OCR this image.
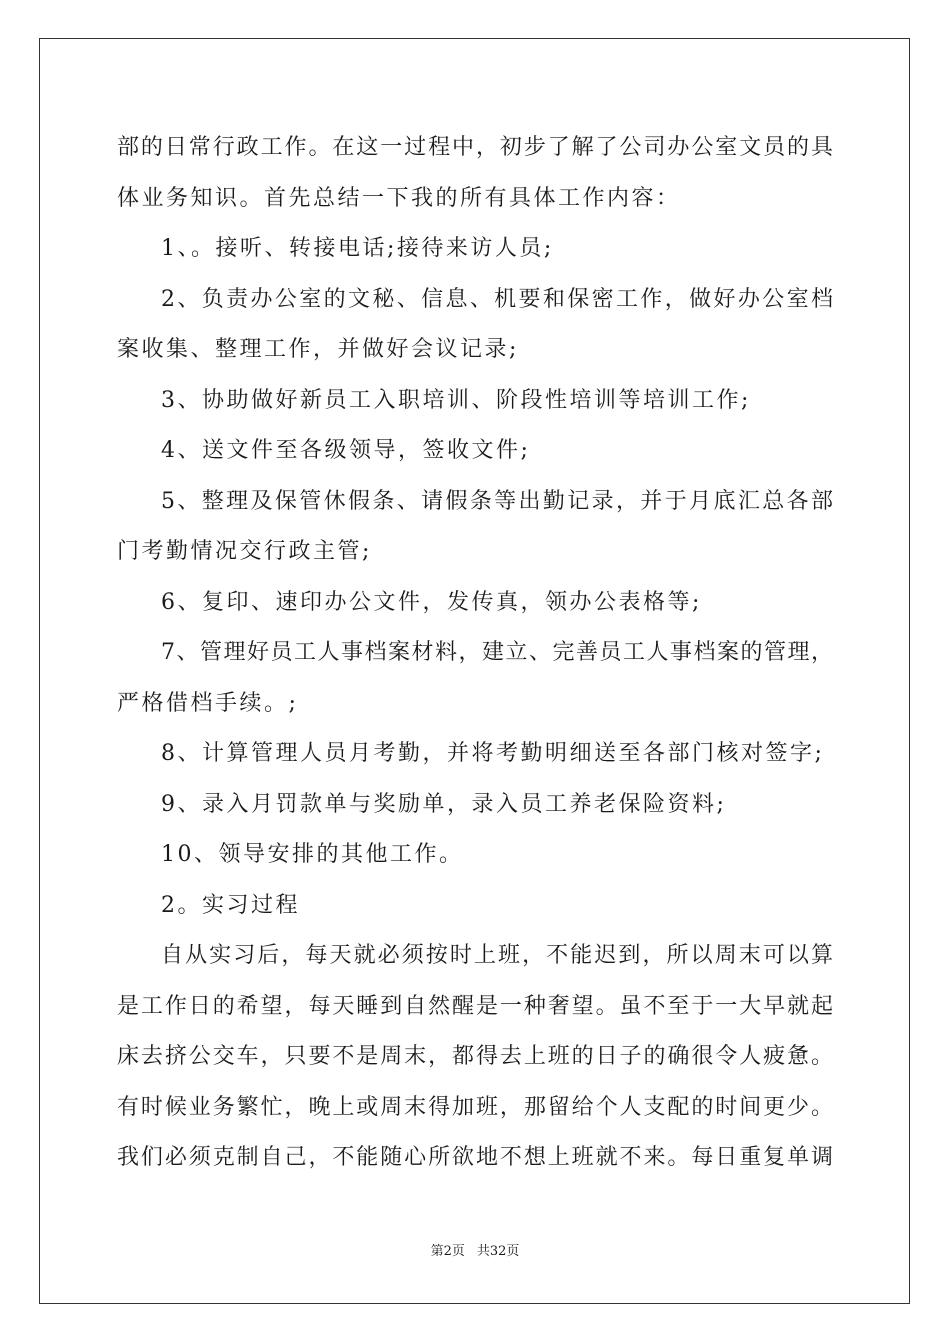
部的日常行政工作。在这一过程中，初步了解了公司办公室文员的具
体业务知识。首先总结一下我的所有具体工作内容：
1、。接听、转接电话;接待来访人员;
2、负责办公室的文秘、信息、机要和保密工作，做好办公室档
案收集、整理工作，并做好会议记录;
3、协助做好新员工入职培训、阶段性培训等培训工作;
4、送文件至各级领导，签收文件;
5、整理及保管休假条、请假条等出勤记录，并于月底汇总各部
门考勤情况交行政主管;
6、复印、速印办公文件，发传真，领办公表格等;
7、管理好员工人事档案材料，建立、完善员工人事档案的管理，
严格借档手续。;
8、计算管理人员月考勤，并将考勤明细送至各部门核对签字;
9、录入月罚款单与奖励单，录入员工养老保险资料;
10、领导安排的其他工作。
2。实习过程
自从实习后，每天就必须按时上班，不能迟到，所以周末可以算
是工作日的希望，每天睡到自然醒是一种奢望。虽不至于一大早就起
床去挤公交车，只要不是周末，都得去上班的日子的确很令人疲惫。
有时候业务繁忙，晚上或周末得加班，那留给个人支配的时间更少。
我们必须克制自己，不能随心所欲地不想上班就不来。每日重复单调
第2页 共32页
